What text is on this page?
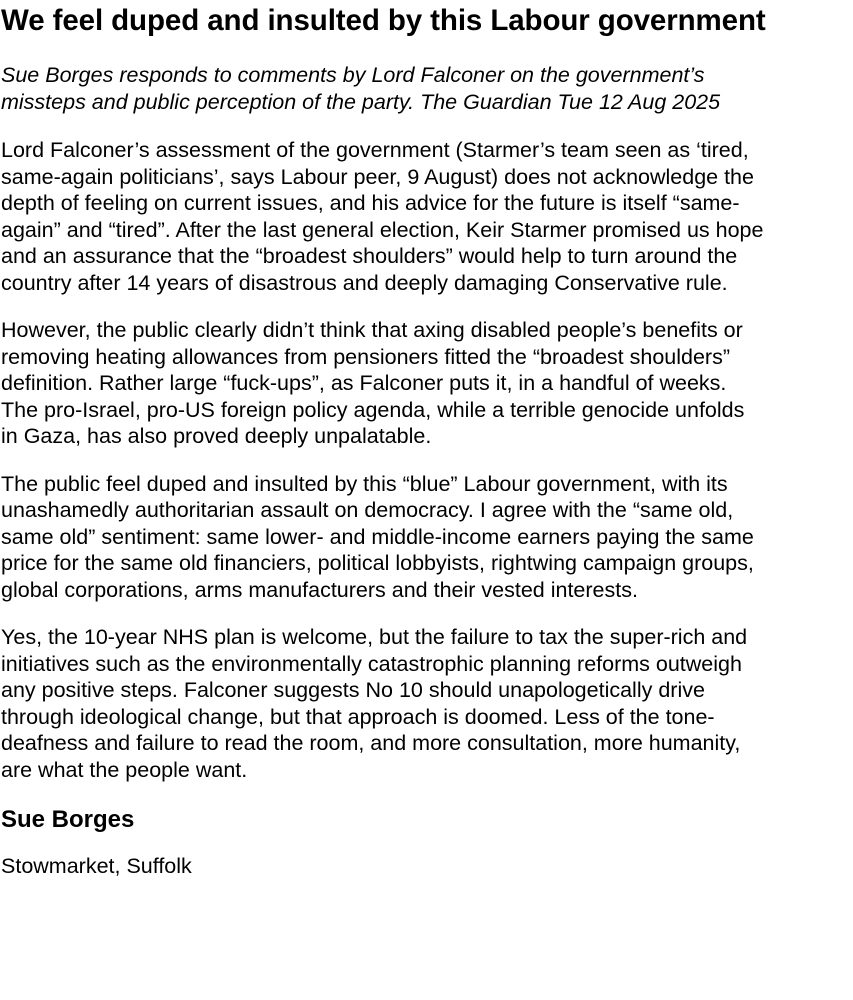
We feel duped and insulted by this Labour government

Sue Borges responds to comments by Lord Falconer on the government’s
missteps and public perception of the party. The Guardian Tue 12 Aug 2025

Lord Falconer’s assessment of the government (Starmer’s team seen as ‘tired,
same-again politicians’, says Labour peer, 9 August) does not acknowledge the
depth of feeling on current issues, and his advice for the future is itself “same-
again” and “tired”. After the last general election, Keir Starmer promised us hope
and an assurance that the “broadest shoulders” would help to turn around the
country after 14 years of disastrous and deeply damaging Conservative rule.

However, the public clearly didn’t think that axing disabled people’s benefits or
removing heating allowances from pensioners fitted the “broadest shoulders”
definition. Rather large “fuck-ups”, as Falconer puts it, in a handful of weeks.
The pro-Israel, pro-US foreign policy agenda, while a terrible genocide unfolds
in Gaza, has also proved deeply unpalatable.

The public feel duped and insulted by this “blue” Labour government, with its
unashamedly authoritarian assault on democracy. I agree with the “same old,
same old” sentiment: same lower- and middle-income earners paying the same
price for the same old financiers, political lobbyists, rightwing campaign groups,
global corporations, arms manufacturers and their vested interests.

Yes, the 10-year NHS plan is welcome, but the failure to tax the super-rich and
initiatives such as the environmentally catastrophic planning reforms outweigh
any positive steps. Falconer suggests No 10 should unapologetically drive
through ideological change, but that approach is doomed. Less of the tone-
deafness and failure to read the room, and more consultation, more humanity,
are what the people want.

Sue Borges

Stowmarket, Suffolk
